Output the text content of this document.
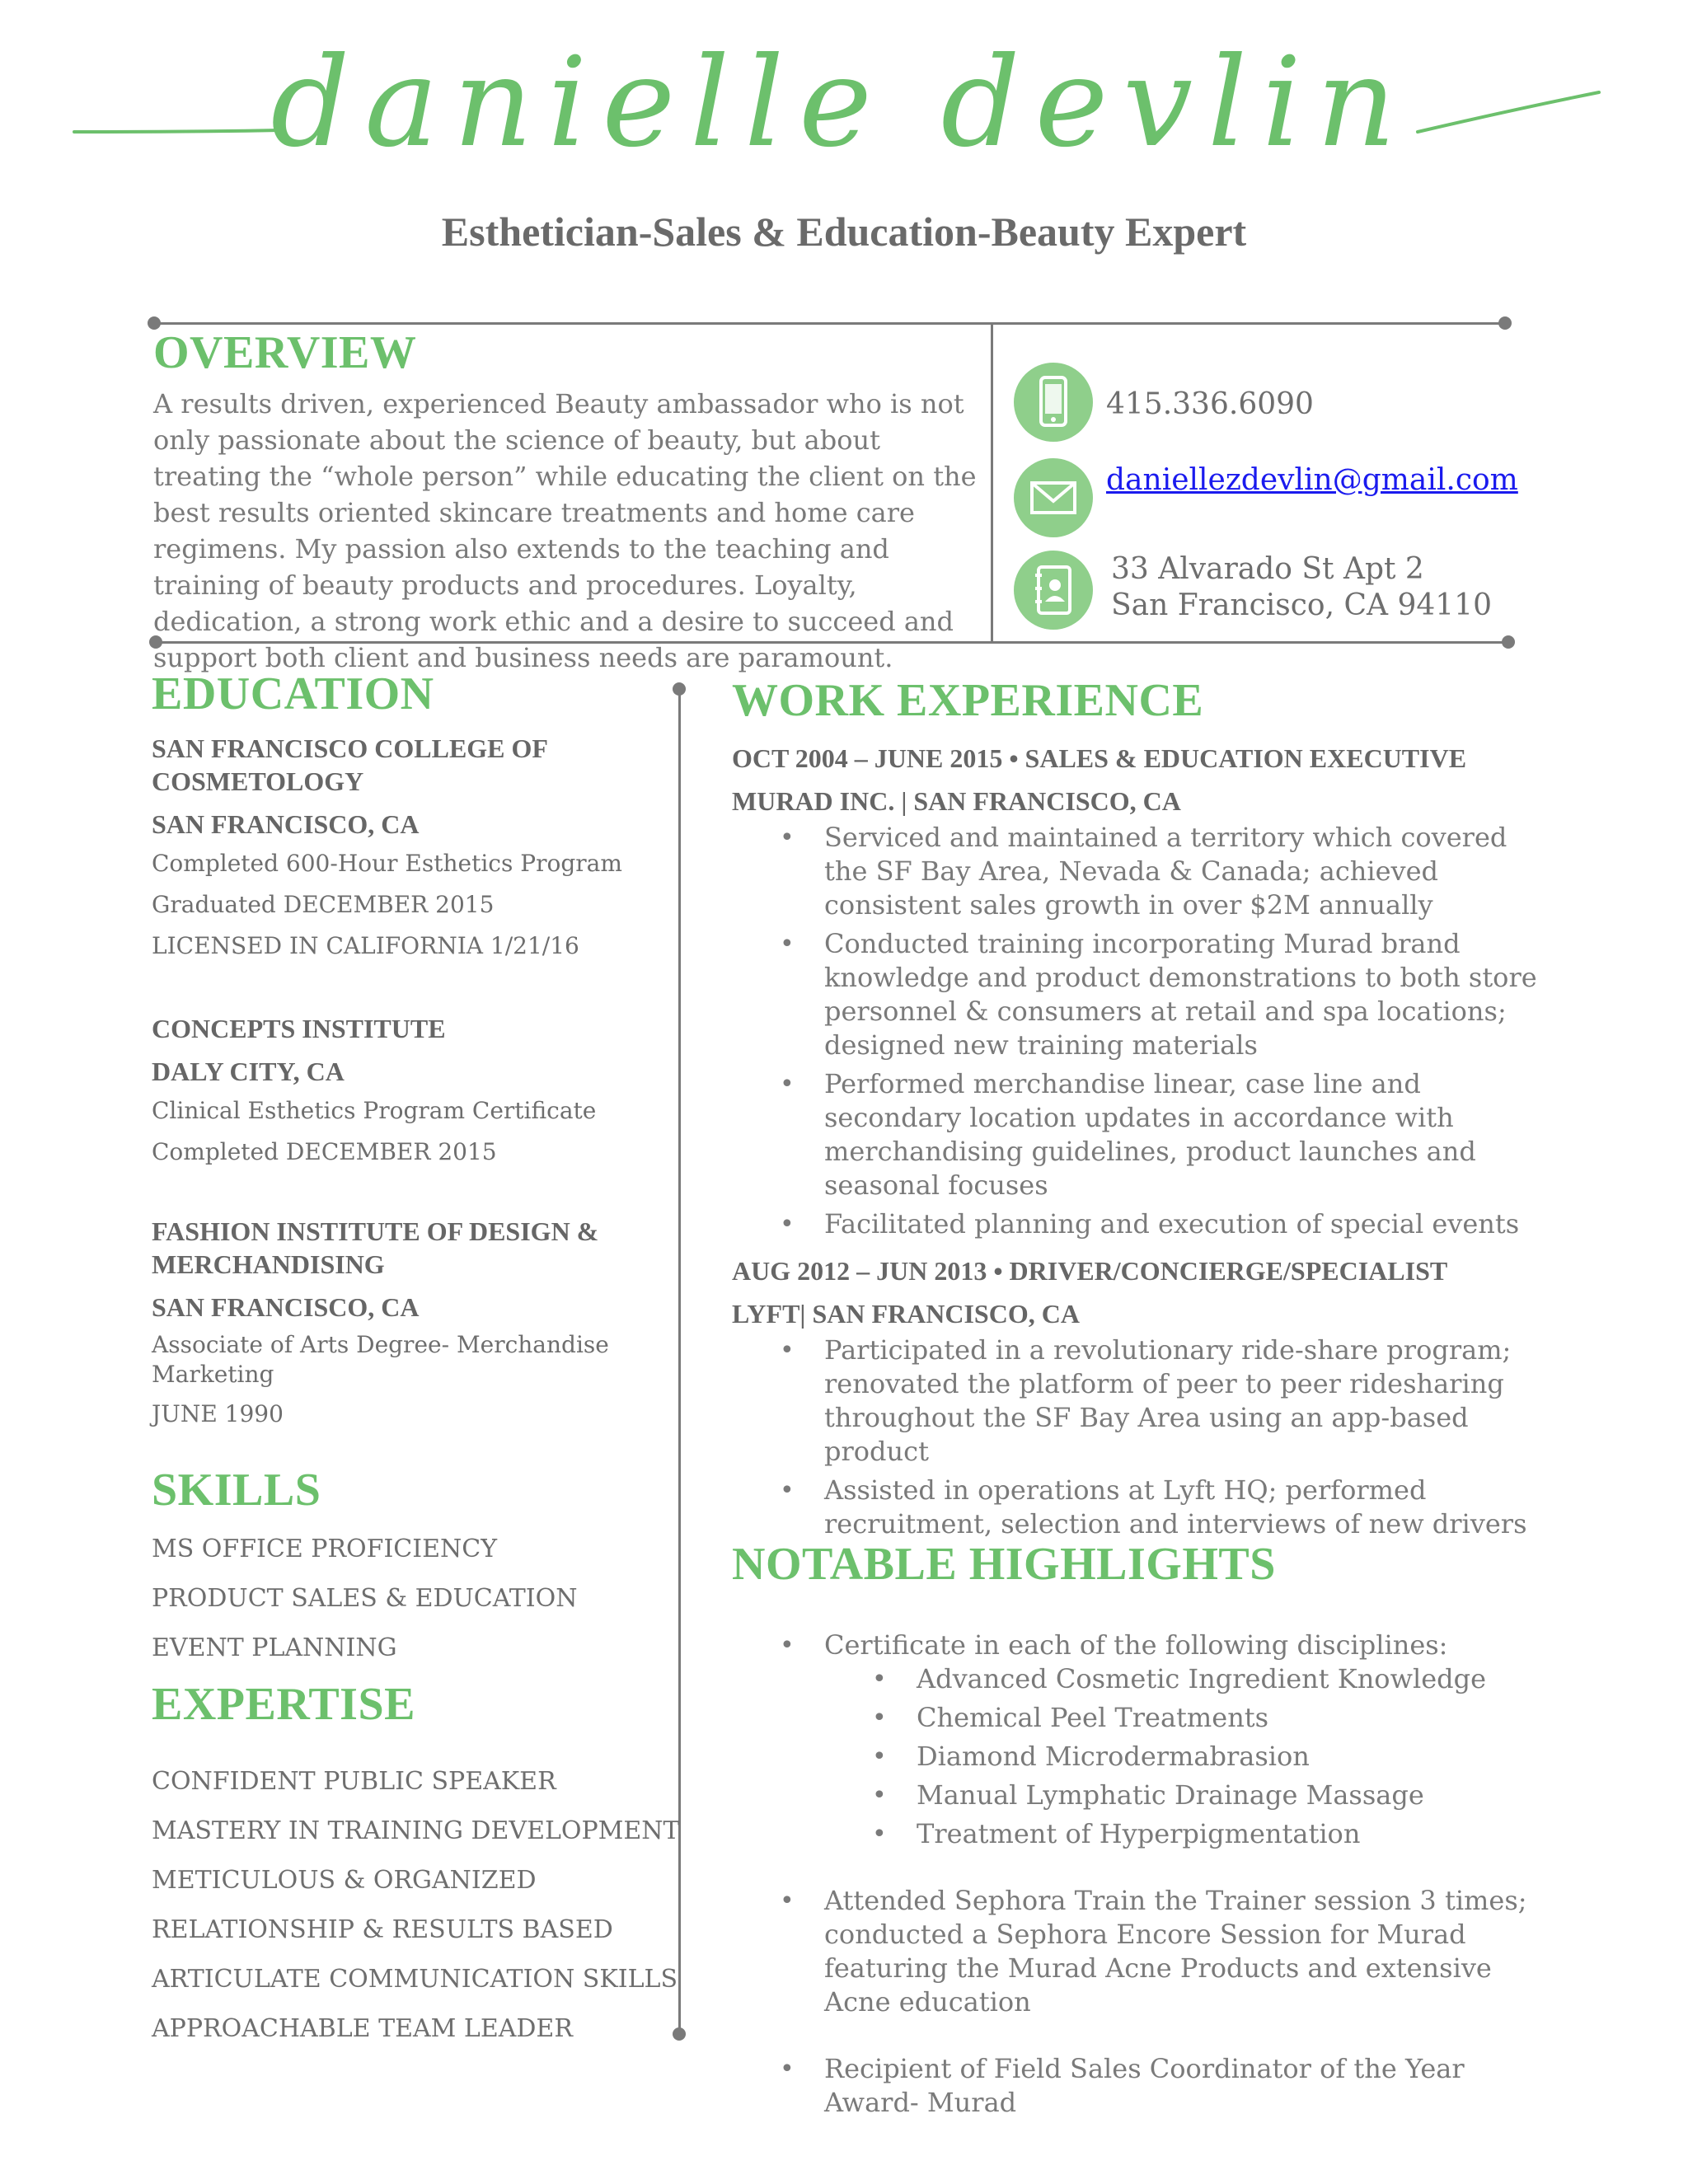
danielle devlin
Esthetician-Sales & Education-Beauty Expert
OVERVIEW
A results driven, experienced Beauty ambassador who is not only passionate about the science of beauty, but about treating the “whole person” while educating the client on the best results oriented skincare treatments and home care regimens. My passion also extends to the teaching and training of beauty products and procedures. Loyalty, dedication, a strong work ethic and a desire to succeed and support both client and business needs are paramount.
415.336.6090
daniellezdevlin@gmail.com
33 Alvarado St Apt 2
San Francisco, CA 94110
EDUCATION
SAN FRANCISCO COLLEGE OF COSMETOLOGY
SAN FRANCISCO, CA
Completed 600-Hour Esthetics Program
Graduated DECEMBER 2015
LICENSED IN CALIFORNIA 1/21/16
CONCEPTS INSTITUTE
DALY CITY, CA
Clinical Esthetics Program Certificate
Completed DECEMBER 2015
FASHION INSTITUTE OF DESIGN & MERCHANDISING
SAN FRANCISCO, CA
Associate of Arts Degree- Merchandise Marketing
JUNE 1990
SKILLS
MS OFFICE PROFICIENCY
PRODUCT SALES & EDUCATION
EVENT PLANNING
EXPERTISE
CONFIDENT PUBLIC SPEAKER
MASTERY IN TRAINING DEVELOPMENT
METICULOUS & ORGANIZED
RELATIONSHIP & RESULTS BASED
ARTICULATE COMMUNICATION SKILLS
APPROACHABLE TEAM LEADER
WORK EXPERIENCE
OCT 2004 – JUNE 2015 • SALES & EDUCATION EXECUTIVE
MURAD INC. | SAN FRANCISCO, CA
• Serviced and maintained a territory which covered the SF Bay Area, Nevada & Canada; achieved consistent sales growth in over $2M annually
• Conducted training incorporating Murad brand knowledge and product demonstrations to both store personnel & consumers at retail and spa locations; designed new training materials
• Performed merchandise linear, case line and secondary location updates in accordance with merchandising guidelines, product launches and seasonal focuses
• Facilitated planning and execution of special events
AUG 2012 – JUN 2013 • DRIVER/CONCIERGE/SPECIALIST
LYFT| SAN FRANCISCO, CA
• Participated in a revolutionary ride-share program; renovated the platform of peer to peer ridesharing throughout the SF Bay Area using an app-based product
• Assisted in operations at Lyft HQ; performed recruitment, selection and interviews of new drivers
NOTABLE HIGHLIGHTS
• Certificate in each of the following disciplines:
• Advanced Cosmetic Ingredient Knowledge
• Chemical Peel Treatments
• Diamond Microdermabrasion
• Manual Lymphatic Drainage Massage
• Treatment of Hyperpigmentation
• Attended Sephora Train the Trainer session 3 times; conducted a Sephora Encore Session for Murad featuring the Murad Acne Products and extensive Acne education
• Recipient of Field Sales Coordinator of the Year Award- Murad
